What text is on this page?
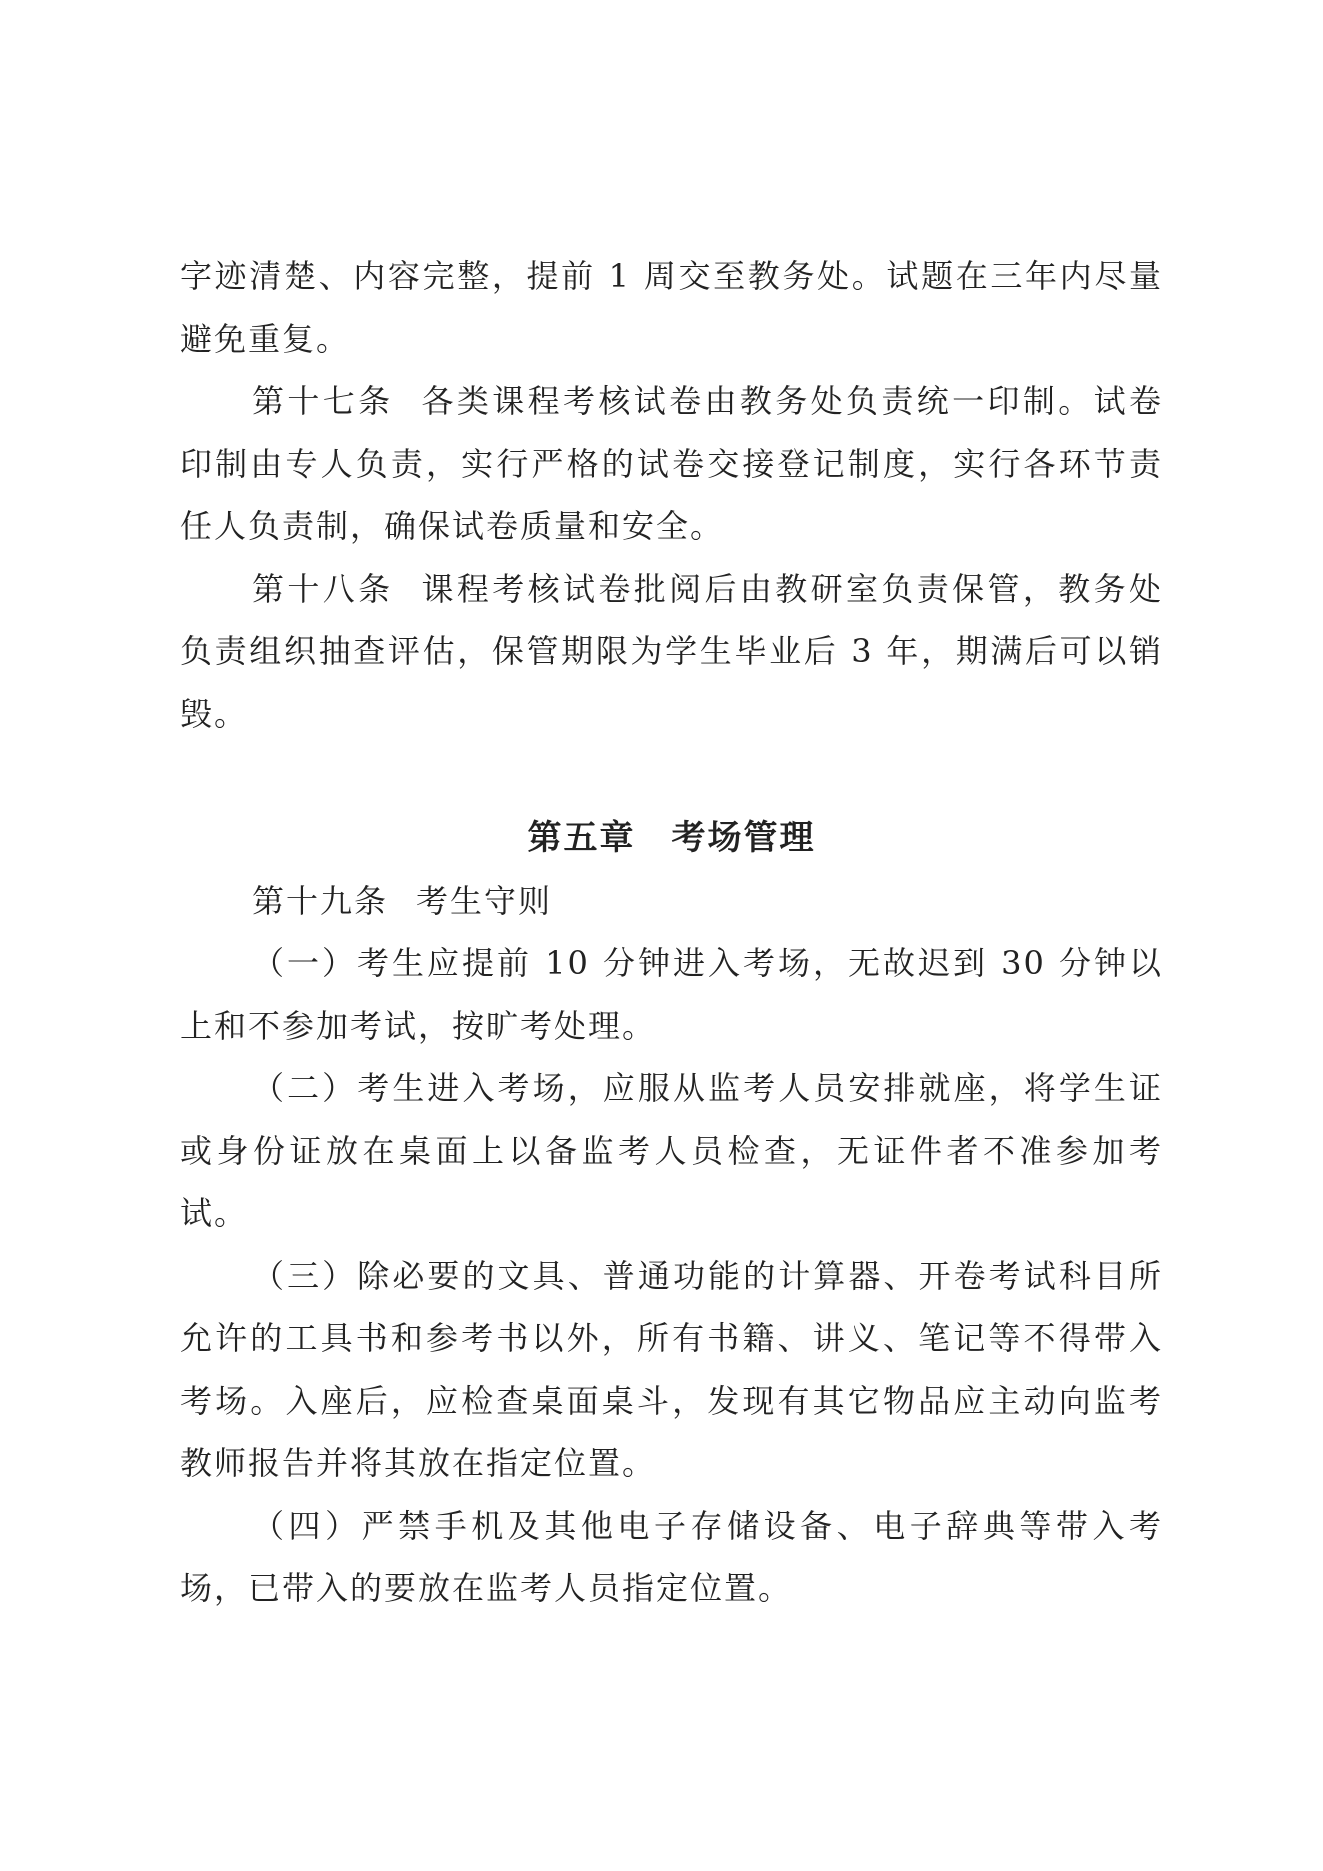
字迹清楚、内容完整，提前 1 周交至教务处。试题在三年内尽量避免重复。

第十七条 各类课程考核试卷由教务处负责统一印制。试卷印制由专人负责，实行严格的试卷交接登记制度，实行各环节责任人负责制，确保试卷质量和安全。

第十八条 课程考核试卷批阅后由教研室负责保管，教务处负责组织抽查评估，保管期限为学生毕业后 3 年，期满后可以销毁。

第五章　考场管理

第十九条 考生守则

（一）考生应提前 10 分钟进入考场，无故迟到 30 分钟以上和不参加考试，按旷考处理。

（二）考生进入考场，应服从监考人员安排就座，将学生证或身份证放在桌面上以备监考人员检查，无证件者不准参加考试。

（三）除必要的文具、普通功能的计算器、开卷考试科目所允许的工具书和参考书以外，所有书籍、讲义、笔记等不得带入考场。入座后，应检查桌面桌斗，发现有其它物品应主动向监考教师报告并将其放在指定位置。

（四）严禁手机及其他电子存储设备、电子辞典等带入考场，已带入的要放在监考人员指定位置。
